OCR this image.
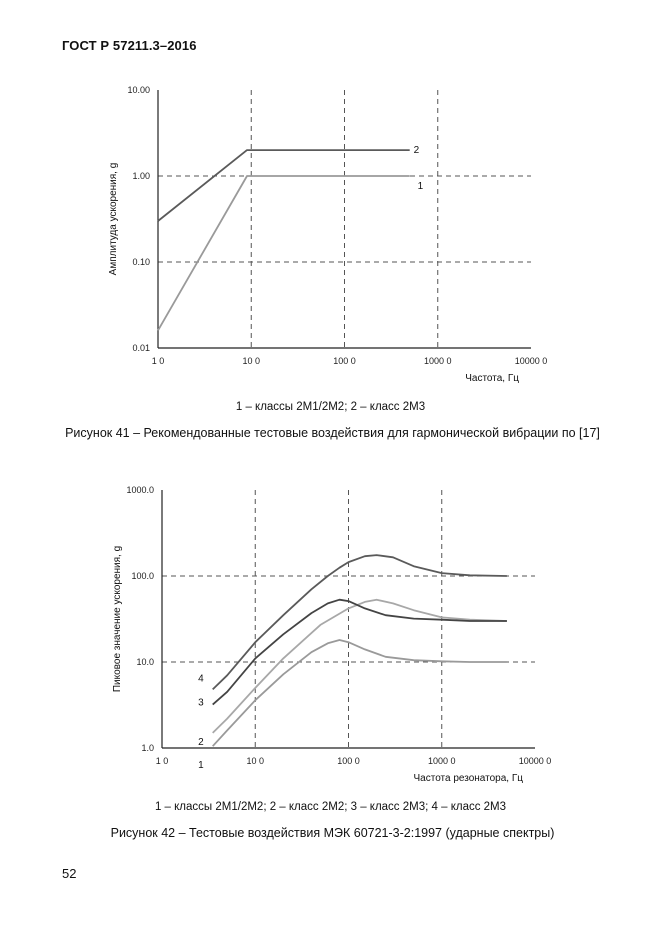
ГОСТ Р 57211.3–2016
1 0	10 0	100 0	1000 0	10000 0
0.01
0.10
1.00
10.00
Частота, Гц
Амплитуда ускорения, g	1
2
1 – классы 2М1/2М2; 2 – класс 2М3
Рисунок 41 – Рекомендованные тестовые воздействия для гармонической вибрации по [17]
1 0	10 0	100 0	1000 0	10000 0
1.0
10.0
100.0
1000.0
Частота резонатора, Гц
Пиковое значение ускорения, g
1
2
3
4
1 – классы 2М1/2М2; 2 – класс 2М2; 3 – класс 2М3; 4 – класс 2М3
Рисунок 42 – Тестовые воздействия МЭК 60721-3-2:1997 (ударные спектры)
52
